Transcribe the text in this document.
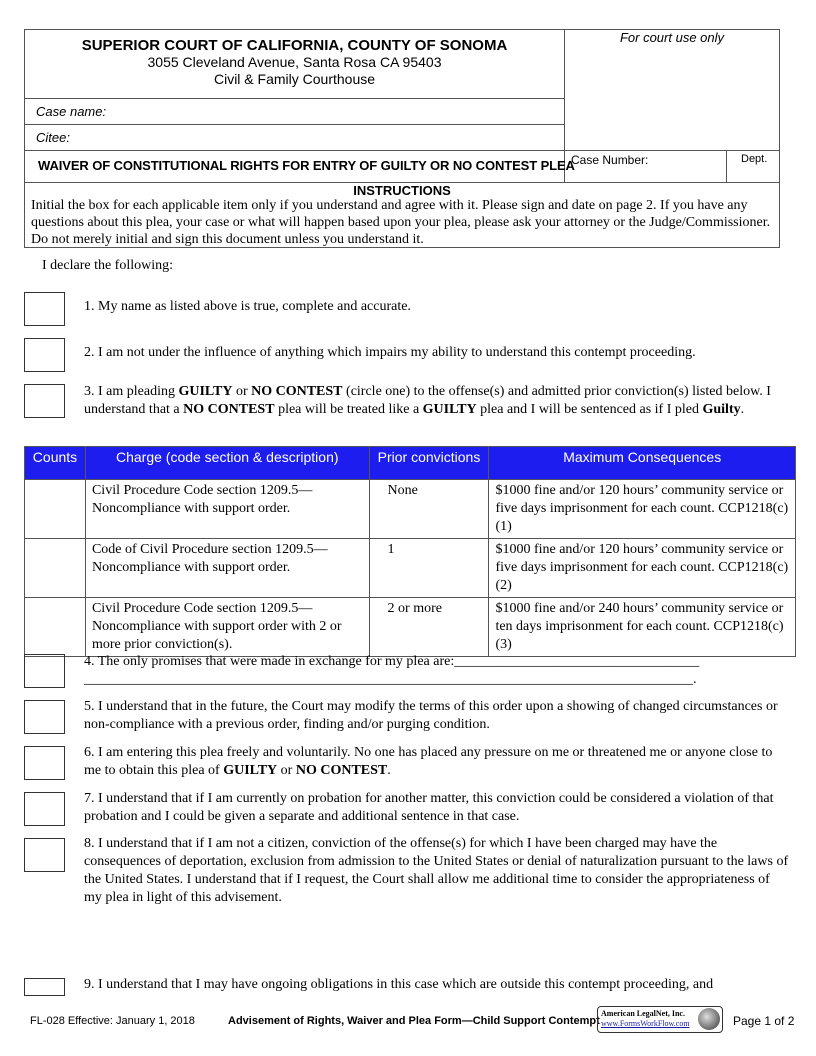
SUPERIOR COURT OF CALIFORNIA, COUNTY OF SONOMA
3055 Cleveland Avenue, Santa Rosa CA 95403
Civil & Family Courthouse
For court use only
Case name:
Citee:
WAIVER OF CONSTITUTIONAL RIGHTS FOR ENTRY OF GUILTY OR NO CONTEST PLEA
Case Number:	Dept.
INSTRUCTIONS
Initial the box for each applicable item only if you understand and agree with it. Please sign and date on page 2. If you have any questions about this plea, your case or what will happen based upon your plea, please ask your attorney or the Judge/Commissioner. Do not merely initial and sign this document unless you understand it.
I declare the following:
1. My name as listed above is true, complete and accurate.
2. I am not under the influence of anything which impairs my ability to understand this contempt proceeding.
3. I am pleading GUILTY or NO CONTEST (circle one) to the offense(s) and admitted prior conviction(s) listed below. I understand that a NO CONTEST plea will be treated like a GUILTY plea and I will be sentenced as if I pled Guilty.
Counts	Charge (code section & description)	Prior convictions	Maximum Consequences
	Civil Procedure Code section 1209.5—Noncompliance with support order.	None	$1000 fine and/or 120 hours’ community service or five days imprisonment for each count. CCP1218(c)(1)
	Code of Civil Procedure section 1209.5—Noncompliance with support order.	1	$1000 fine and/or 120 hours’ community service or five days imprisonment for each count. CCP1218(c)(2)
	Civil Procedure Code section 1209.5—Noncompliance with support order with 2 or more prior conviction(s).	2 or more	$1000 fine and/or 240 hours’ community service or ten days imprisonment for each count. CCP1218(c)(3)
4. The only promises that were made in exchange for my plea are:___________________________________
_______________________________________________________________________________________.
5. I understand that in the future, the Court may modify the terms of this order upon a showing of changed circumstances or non-compliance with a previous order, finding and/or purging condition.
6. I am entering this plea freely and voluntarily. No one has placed any pressure on me or threatened me or anyone close to me to obtain this plea of GUILTY or NO CONTEST.
7. I understand that if I am currently on probation for another matter, this conviction could be considered a violation of that probation and I could be given a separate and additional sentence in that case.
8. I understand that if I am not a citizen, conviction of the offense(s) for which I have been charged may have the consequences of deportation, exclusion from admission to the United States or denial of naturalization pursuant to the laws of the United States. I understand that if I request, the Court shall allow me additional time to consider the appropriateness of my plea in light of this advisement.
9. I understand that I may have ongoing obligations in this case which are outside this contempt proceeding, and
FL-028 Effective: January 1, 2018	Advisement of Rights, Waiver and Plea Form—Child Support Contempt
American LegalNet, Inc.
www.FormsWorkFlow.com	Page 1 of 2
